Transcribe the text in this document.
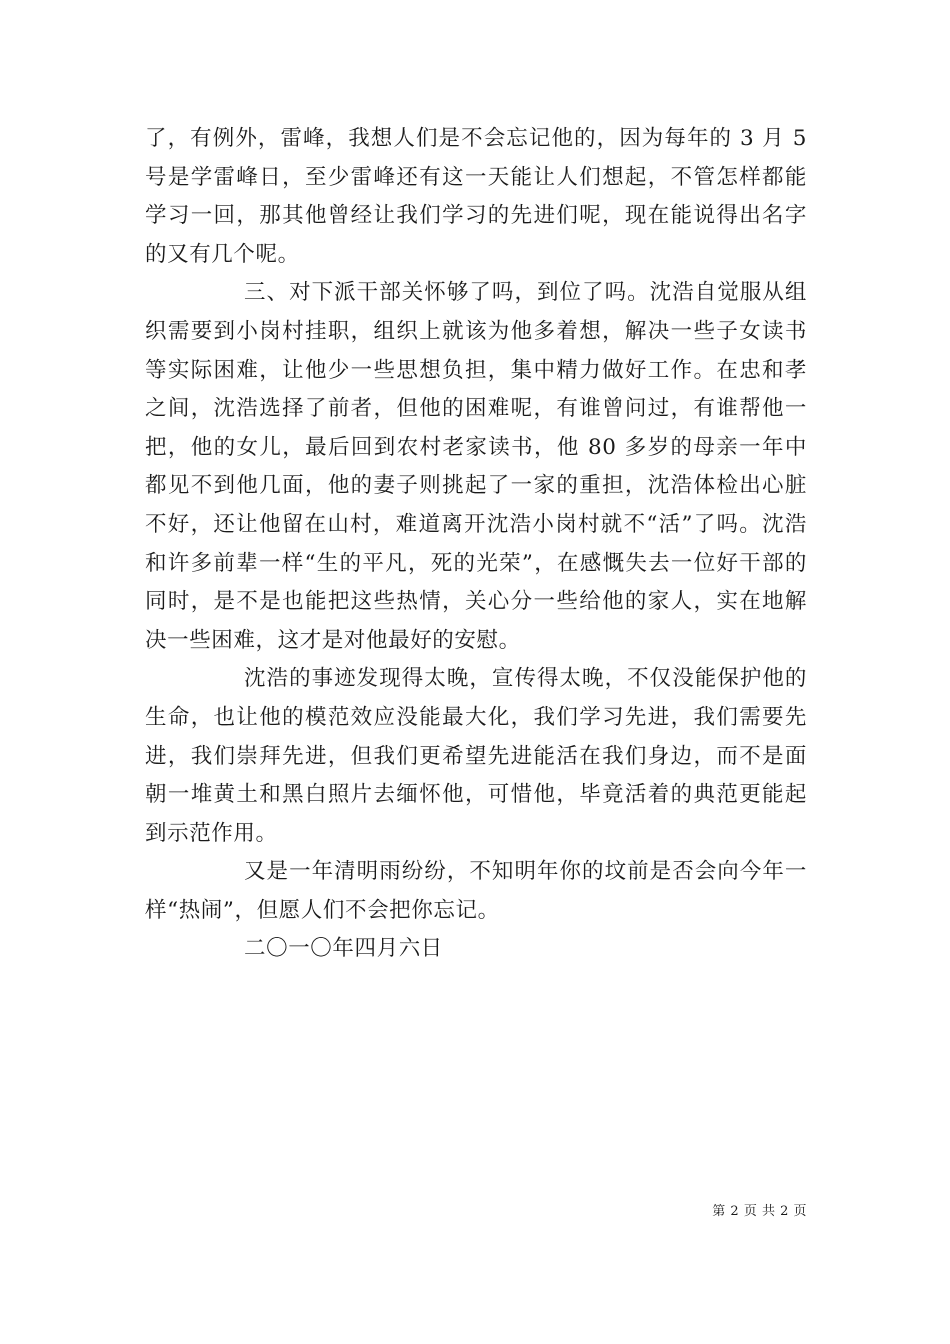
了，有例外，雷峰，我想人们是不会忘记他的，因为每年的 3 月 5 号是学雷峰日，至少雷峰还有这一天能让人们想起，不管怎样都能学习一回，那其他曾经让我们学习的先进们呢，现在能说得出名字的又有几个呢。

三、对下派干部关怀够了吗，到位了吗。沈浩自觉服从组织需要到小岗村挂职，组织上就该为他多着想，解决一些子女读书等实际困难，让他少一些思想负担，集中精力做好工作。在忠和孝之间，沈浩选择了前者，但他的困难呢，有谁曾问过，有谁帮他一把，他的女儿，最后回到农村老家读书，他 80 多岁的母亲一年中都见不到他几面，他的妻子则挑起了一家的重担，沈浩体检出心脏不好，还让他留在山村，难道离开沈浩小岗村就不“活”了吗。沈浩和许多前辈一样“生的平凡，死的光荣”，在感慨失去一位好干部的同时，是不是也能把这些热情，关心分一些给他的家人，实在地解决一些困难，这才是对他最好的安慰。

沈浩的事迹发现得太晚，宣传得太晚，不仅没能保护他的生命，也让他的模范效应没能最大化，我们学习先进，我们需要先进，我们崇拜先进，但我们更希望先进能活在我们身边，而不是面朝一堆黄土和黑白照片去缅怀他，可惜他，毕竟活着的典范更能起到示范作用。

又是一年清明雨纷纷，不知明年你的坟前是否会向今年一样“热闹”，但愿人们不会把你忘记。

二〇一〇年四月六日

第 2 页 共 2 页
